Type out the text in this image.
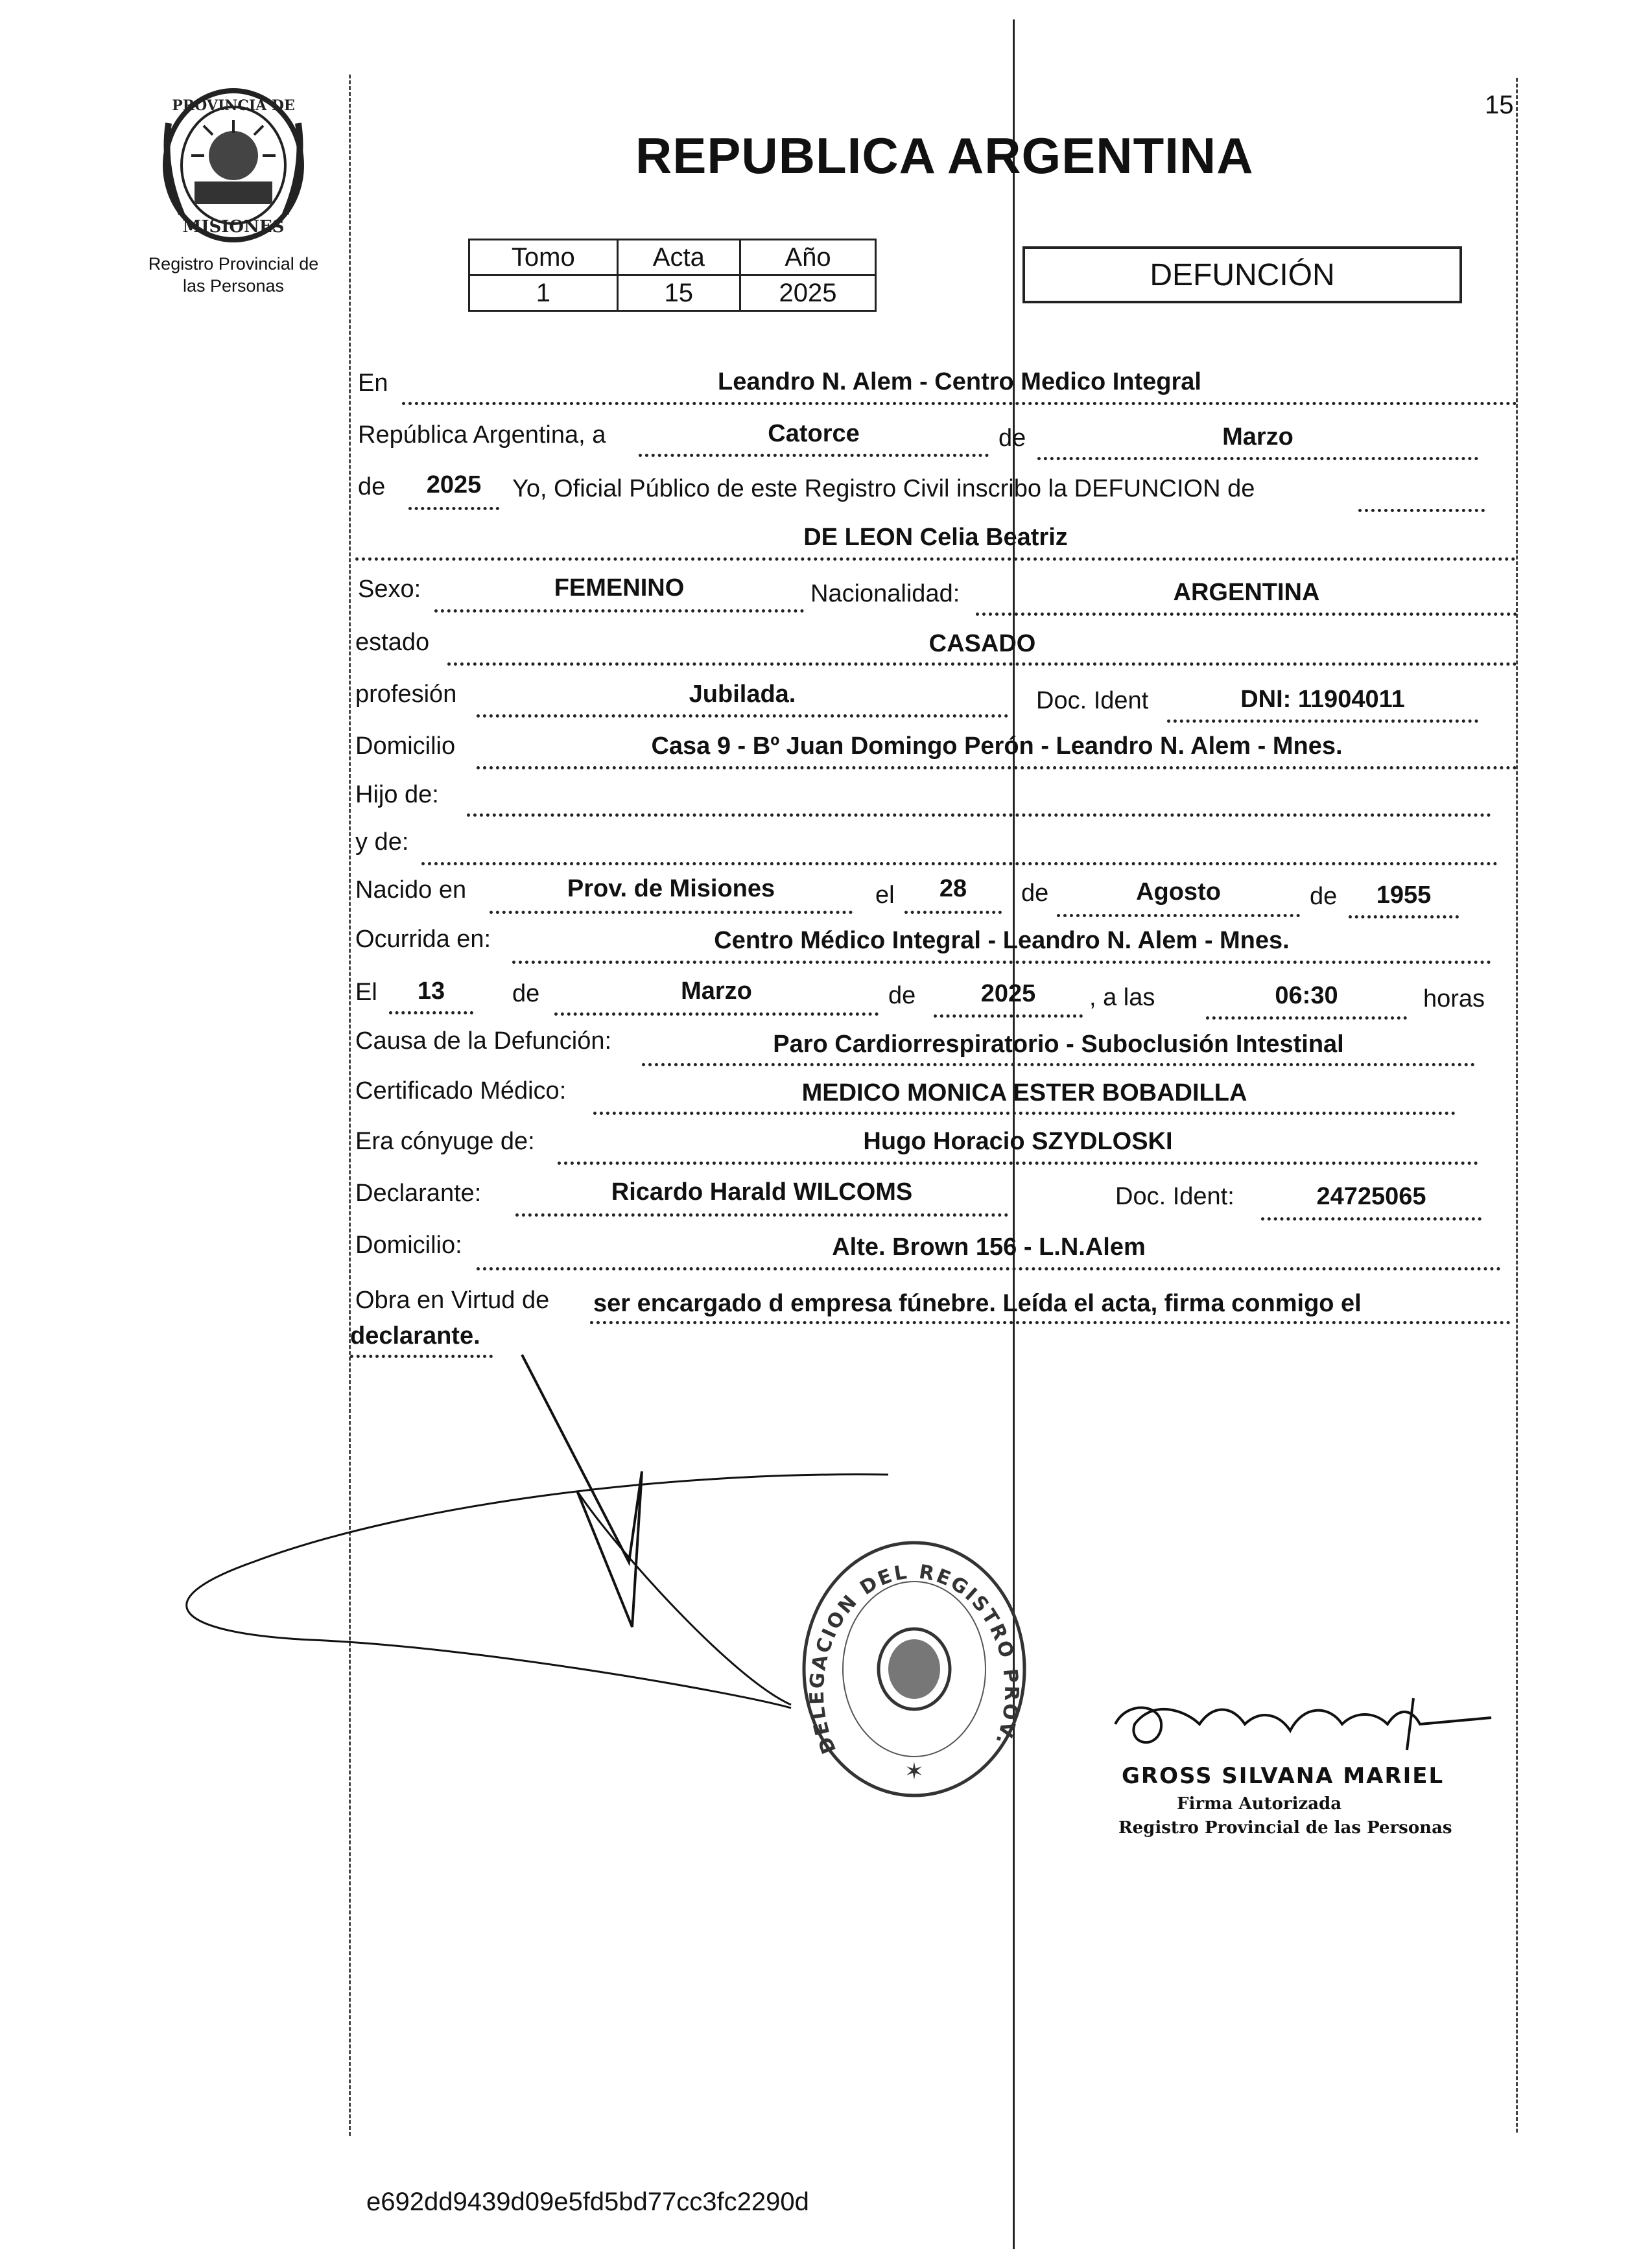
15
PROVINCIA DE
MISIONES
Registro Provincial de
las Personas
REPUBLICA ARGENTINA
Tomo	Acta	Año
1	15	2025
DEFUNCIÓN
En	Leandro N. Alem - Centro Medico Integral
República Argentina, a	Catorce	de	Marzo
de	2025	Yo, Oficial Público de este Registro Civil inscribo la DEFUNCION de
DE LEON Celia Beatriz
Sexo:	FEMENINO	Nacionalidad:	ARGENTINA
estado	CASADO
profesión	Jubilada.	Doc. Ident	DNI: 11904011
Domicilio	Casa 9 - Bº Juan Domingo Perón - Leandro N. Alem - Mnes.
Hijo de:
y de:
Nacido en	Prov. de Misiones	el	28	de	Agosto	de	1955
Ocurrida en:	Centro Médico Integral - Leandro N. Alem - Mnes.
El	13	de	Marzo	de	2025	, a las	06:30	horas
Causa de la Defunción:	Paro Cardiorrespiratorio - Suboclusión Intestinal
Certificado Médico:	MEDICO MONICA ESTER BOBADILLA
Era cónyuge de:	Hugo Horacio SZYDLOSKI
Declarante:	Ricardo Harald WILCOMS	Doc. Ident:	24725065
Domicilio:	Alte. Brown 156 - L.N.Alem
Obra en Virtud de ser encargado d empresa fúnebre. Leída el acta, firma conmigo el
declarante.
DELEGACION DEL REGISTRO PROV.
✶	GROSS SILVANA MARIEL
Firma Autorizada
Registro Provincial de las Personas
e692dd9439d09e5fd5bd77cc3fc2290d
